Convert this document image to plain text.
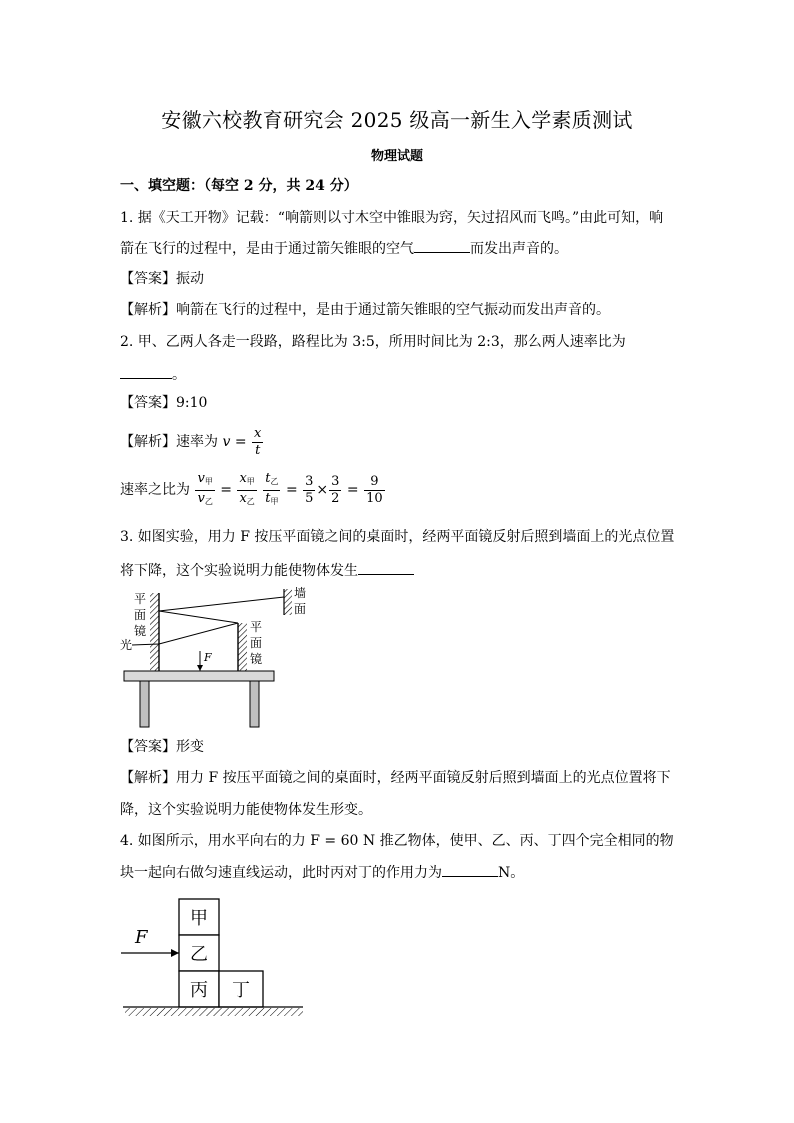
安徽六校教育研究会 2025 级高一新生入学素质测试
物理试题
一、填空题：（每空 2 分，共 24 分）
1. 据《天工开物》记载：“响箭则以寸木空中锥眼为窍，矢过招风而飞鸣。”由此可知，响
箭在飞行的过程中，是由于通过箭矢锥眼的空气	而发出声音的。
【答案】振动
【解析】响箭在飞行的过程中，是由于通过箭矢锥眼的空气振动而发出声音的。
2. 甲、乙两人各走一段路，路程比为 3:5，所用时间比为 2:3，那么两人速率比为
。
【答案】9:10
【解析】速率为 $v = \frac{x}{t}$
速率之比为 $\frac{v_甲}{v_乙} = \frac{x_甲}{x_乙}$
$\frac{t_乙}{t_甲} = \frac{3}{5} \times \frac{3}{2} = \frac{9}{10}$
3. 如图实验，用力 F 按压平面镜之间的桌面时，经两平面镜反射后照到墙面上的光点位置
将下降，这个实验说明力能使物体发生
平
面
镜
光
墙
面
平
面
镜
F
【答案】形变
【解析】用力 F 按压平面镜之间的桌面时，经两平面镜反射后照到墙面上的光点位置将下
降，这个实验说明力能使物体发生形变。
4. 如图所示，用水平向右的力 F = 60 N 推乙物体，使甲、乙、丙、丁四个完全相同的物
块一起向右做匀速直线运动，此时丙对丁的作用力为	N。
F
甲
乙
丙 丁
